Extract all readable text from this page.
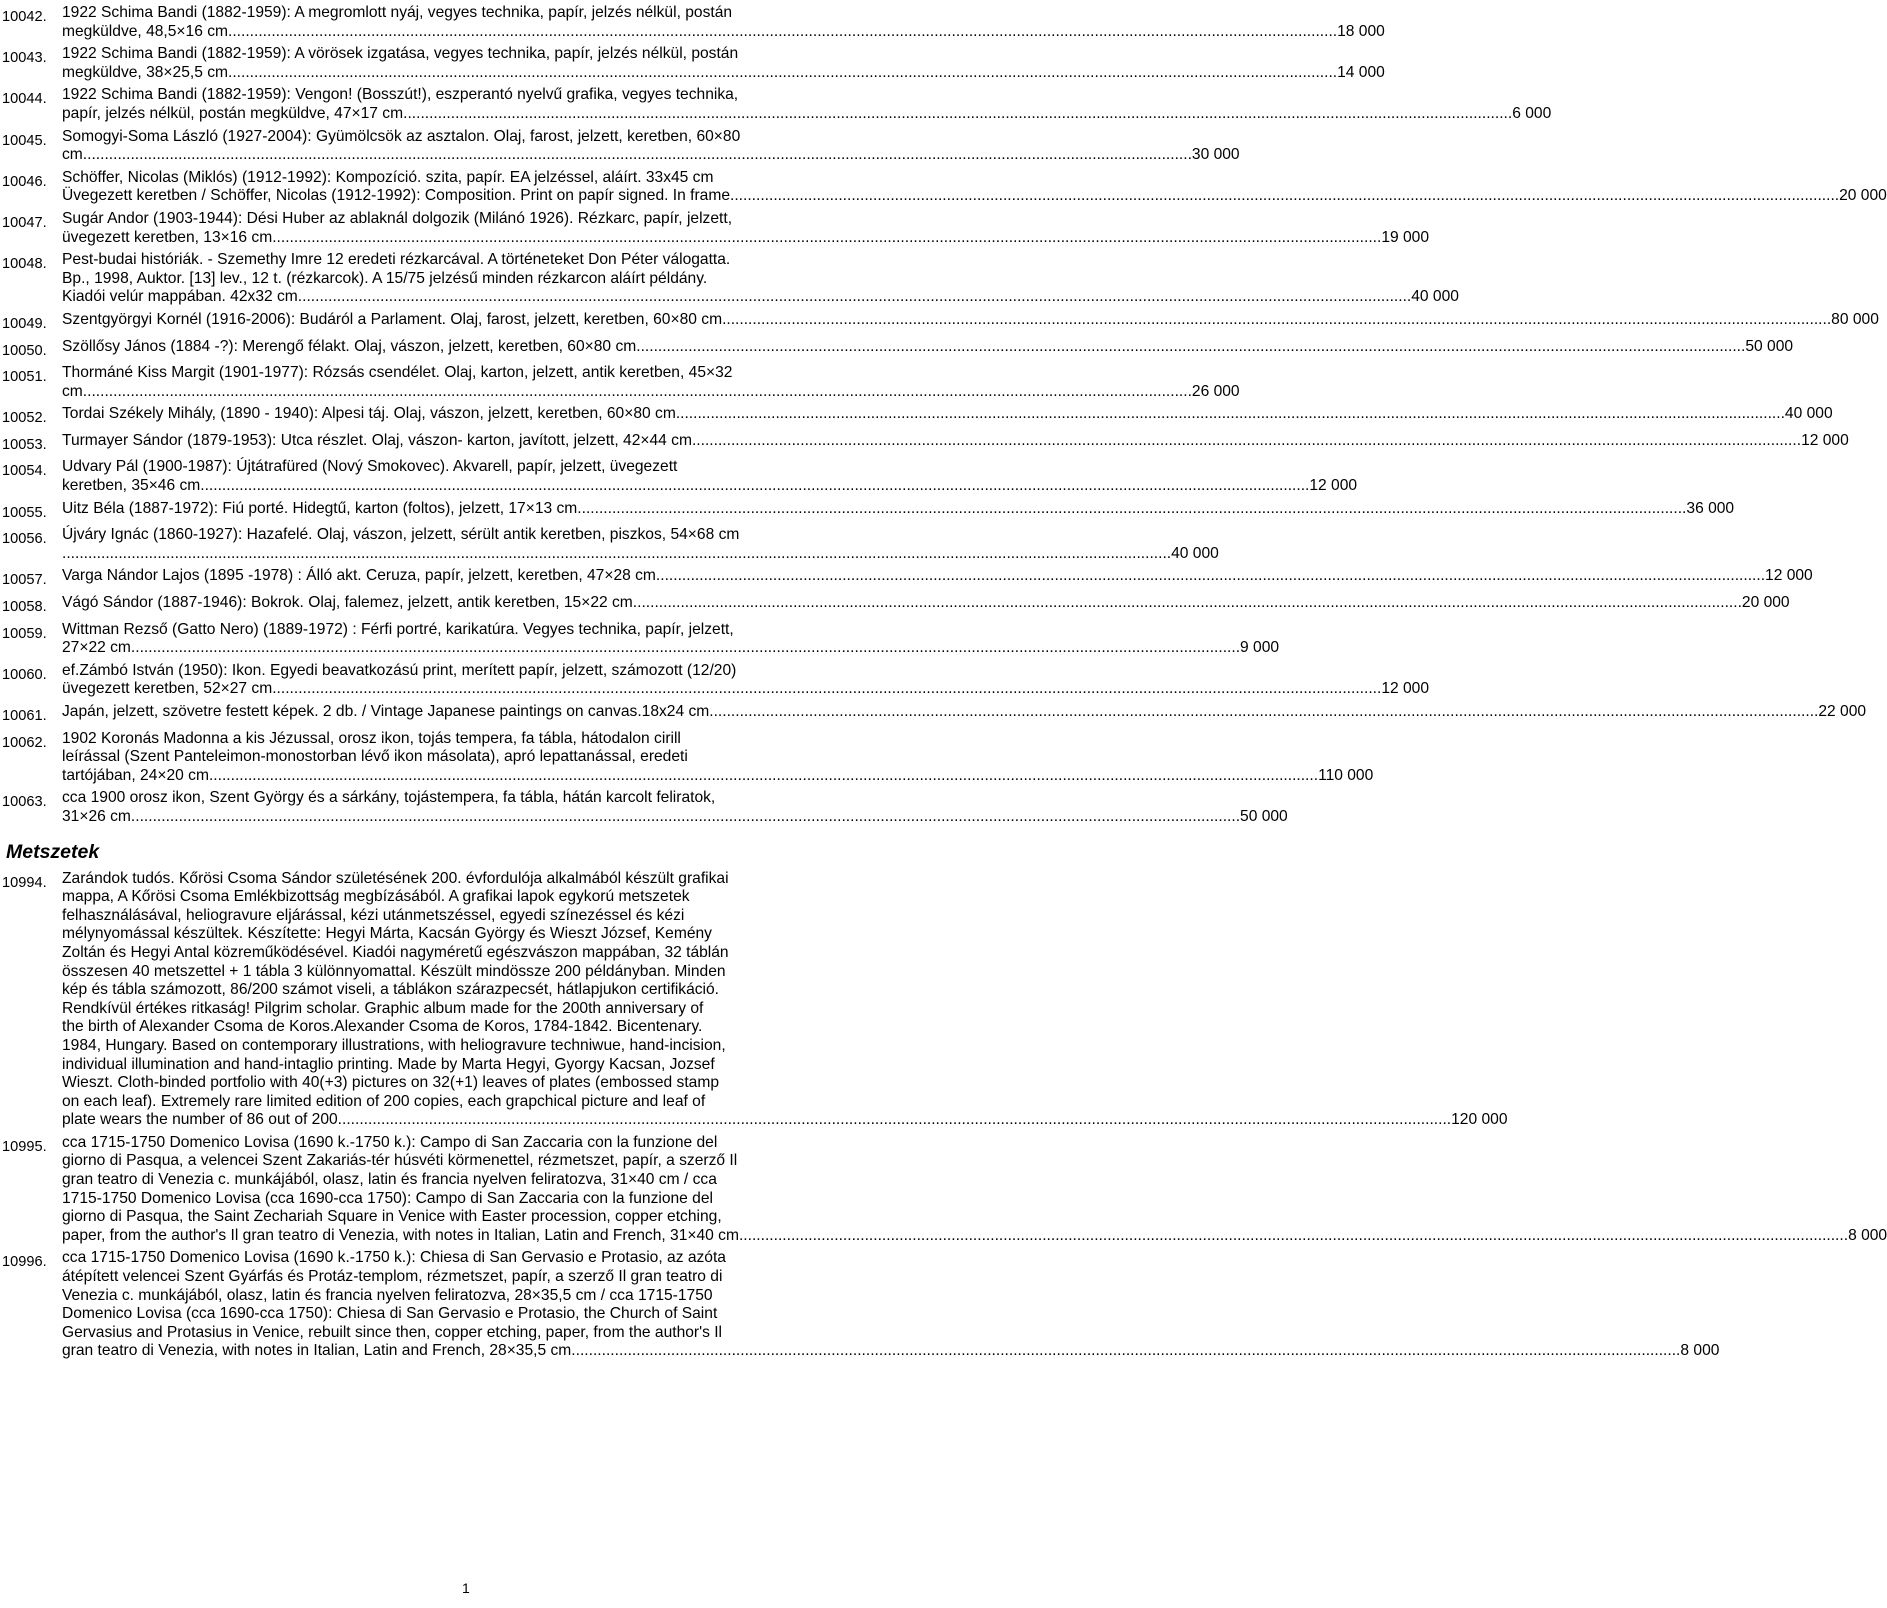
10042. 1922 Schima Bandi (1882-1959): A megromlott nyáj, vegyes technika, papír, jelzés nélkül, postán
megküldve, 48,5×16 cm .....	18 000
10043. 1922 Schima Bandi (1882-1959): A vörösek izgatása, vegyes technika, papír, jelzés nélkül, postán
megküldve, 38×25,5 cm .....	14 000
10044. 1922 Schima Bandi (1882-1959): Vengon! (Bosszút!), eszperantó nyelvű grafika, vegyes technika,
papír, jelzés nélkül, postán megküldve, 47×17 cm .....	6 000
10045. Somogyi-Soma László (1927-2004): Gyümölcsök az asztalon. Olaj, farost, jelzett, keretben, 60×80
cm .....	30 000
10046. Schöffer, Nicolas (Miklós) (1912-1992): Kompozíció. szita, papír. EA jelzéssel, aláírt. 33x45 cm
Üvegezett keretben / Schöffer, Nicolas (1912-1992): Composition. Print on papír signed. In frame .....	20 000
10047. Sugár Andor (1903-1944): Dési Huber az ablaknál dolgozik (Milánó 1926). Rézkarc, papír, jelzett,
üvegezett keretben, 13×16 cm .....	19 000
10048. Pest-budai históriák. - Szemethy Imre 12 eredeti rézkarcával. A történeteket Don Péter válogatta.
Bp., 1998, Auktor. [13] lev., 12 t. (rézkarcok). A 15/75 jelzésű minden rézkarcon aláírt példány.
Kiadói velúr mappában. 42x32 cm. .....	40 000
10049. Szentgyörgyi Kornél (1916-2006): Budáról a Parlament. Olaj, farost, jelzett, keretben, 60×80 cm .....	80 000
10050. Szöllősy János (1884 -?): Merengő félakt. Olaj, vászon, jelzett, keretben, 60×80 cm .....	50 000
10051. Thormáné Kiss Margit (1901-1977): Rózsás csendélet. Olaj, karton, jelzett, antik keretben, 45×32
cm .....	26 000
10052. Tordai Székely Mihály, (1890 - 1940): Alpesi táj. Olaj, vászon, jelzett, keretben, 60×80 cm .....	40 000
10053. Turmayer Sándor (1879-1953): Utca részlet. Olaj, vászon- karton, javított, jelzett, 42×44 cm .....	12 000
10054. Udvary Pál (1900-1987): Újtátrafüred (Nový Smokovec). Akvarell, papír, jelzett, üvegezett
keretben, 35×46 cm .....	12 000
10055. Uitz Béla (1887-1972): Fiú porté. Hidegtű, karton (foltos), jelzett, 17×13 cm .....	36 000
10056. Újváry Ignác (1860-1927): Hazafelé. Olaj, vászon, jelzett, sérült antik keretben, piszkos, 54×68 cm
.....
40 000
10057. Varga Nándor Lajos (1895 -1978) : Álló akt. Ceruza, papír, jelzett, keretben, 47×28 cm .....	12 000
10058. Vágó Sándor (1887-1946): Bokrok. Olaj, falemez, jelzett, antik keretben, 15×22 cm .....	20 000
10059. Wittman Rezső (Gatto Nero) (1889-1972) : Férfi portré, karikatúra. Vegyes technika, papír, jelzett,
27×22 cm .....	9 000
10060. ef.Zámbó István (1950): Ikon. Egyedi beavatkozású print, merített papír, jelzett, számozott (12/20)
üvegezett keretben, 52×27 cm .....	12 000
10061. Japán, jelzett, szövetre festett képek. 2 db. / Vintage Japanese paintings on canvas.18x24 cm .....	22 000
10062. 1902 Koronás Madonna a kis Jézussal, orosz ikon, tojás tempera, fa tábla, hátodalon cirill
leírással (Szent Panteleimon-monostorban lévő ikon másolata), apró lepattanással, eredeti
tartójában, 24×20 cm .....	110 000
10063. cca 1900 orosz ikon, Szent György és a sárkány, tojástempera, fa tábla, hátán karcolt feliratok,
31×26 cm .....	50 000
Metszetek
10994. Zarándok tudós. Kőrösi Csoma Sándor születésének 200. évfordulója alkalmából készült grafikai
mappa, A Kőrösi Csoma Emlékbizottság megbízásából. A grafikai lapok egykorú metszetek
felhasználásával, heliogravure eljárással, kézi utánmetszéssel, egyedi színezéssel és kézi
mélynyomással készültek. Készítette: Hegyi Márta, Kacsán György és Wieszt József, Kemény
Zoltán és Hegyi Antal közreműködésével. Kiadói nagyméretű egészvászon mappában, 32 táblán
összesen 40 metszettel + 1 tábla 3 különnyomattal. Készült mindössze 200 példányban. Minden
kép és tábla számozott, 86/200 számot viseli, a táblákon szárazpecsét, hátlapjukon certifikáció.
Rendkívül értékes ritkaság! Pilgrim scholar. Graphic album made for the 200th anniversary of
the birth of Alexander Csoma de Koros.Alexander Csoma de Koros, 1784-1842. Bicentenary.
1984, Hungary. Based on contemporary illustrations, with heliogravure techniwue, hand-incision,
individual illumination and hand-intaglio printing. Made by Marta Hegyi, Gyorgy Kacsan, Jozsef
Wieszt. Cloth-binded portfolio with 40(+3) pictures on 32(+1) leaves of plates (embossed stamp
on each leaf). Extremely rare limited edition of 200 copies, each grapchical picture and leaf of
plate wears the number of 86 out of 200. .....	120 000
10995. cca 1715-1750 Domenico Lovisa (1690 k.-1750 k.): Campo di San Zaccaria con la funzione del
giorno di Pasqua, a velencei Szent Zakariás-tér húsvéti körmenettel, rézmetszet, papír, a szerző Il
gran teatro di Venezia c. munkájából, olasz, latin és francia nyelven feliratozva, 31×40 cm / cca
1715-1750 Domenico Lovisa (cca 1690-cca 1750): Campo di San Zaccaria con la funzione del
giorno di Pasqua, the Saint Zechariah Square in Venice with Easter procession, copper etching,
paper, from the author's Il gran teatro di Venezia, with notes in Italian, Latin and French, 31×40 cm .....	8 000
10996. cca 1715-1750 Domenico Lovisa (1690 k.-1750 k.): Chiesa di San Gervasio e Protasio, az azóta
átépített velencei Szent Gyárfás és Protáz-templom, rézmetszet, papír, a szerző Il gran teatro di
Venezia c. munkájából, olasz, latin és francia nyelven feliratozva, 28×35,5 cm / cca 1715-1750
Domenico Lovisa (cca 1690-cca 1750): Chiesa di San Gervasio e Protasio, the Church of Saint
Gervasius and Protasius in Venice, rebuilt since then, copper etching, paper, from the author's Il
gran teatro di Venezia, with notes in Italian, Latin and French, 28×35,5 cm .....	8 000
1
